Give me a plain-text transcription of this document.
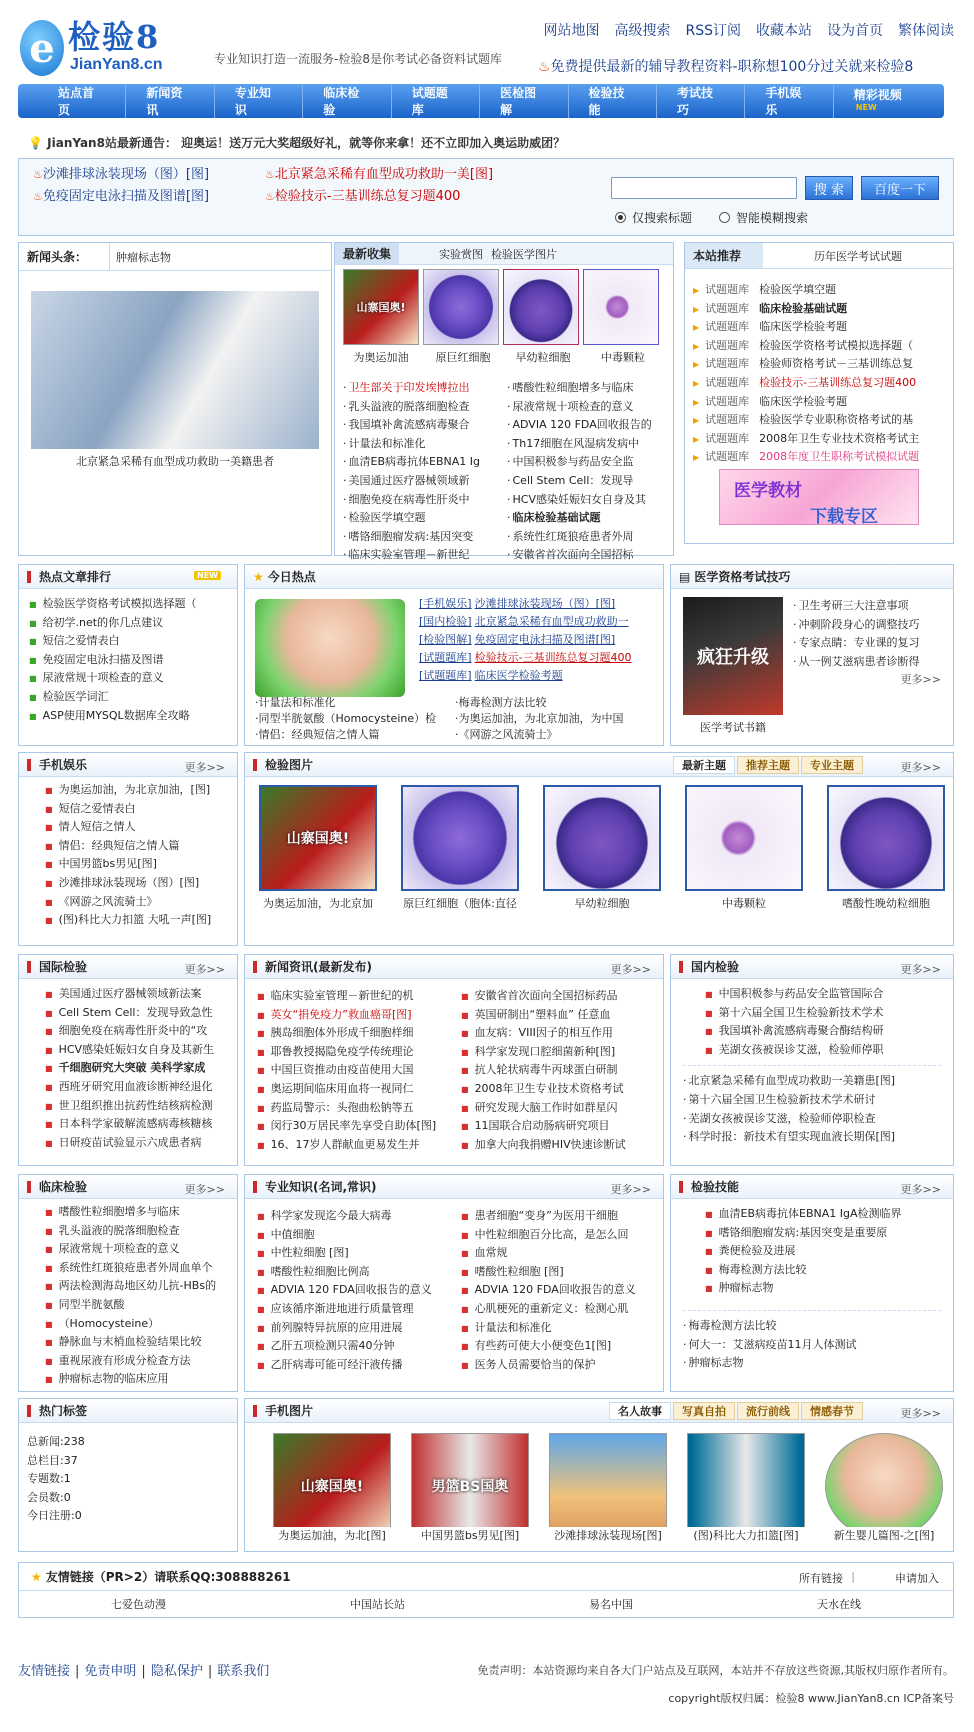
e 检验8
JianYan8.cn	专业知识打造一流服务-检验8是你考试必备资料试题库
网站地图 高级搜索 RSS订阅 收藏本站 设为首页 繁体阅读
♨免费提供最新的辅导教程资料-职称想100分过关就来检验8
站点首页
新闻资讯
专业知识
临床检验
试题题库
医检图解
检验技能
考试技巧
手机娱乐
精彩视频$^{NEW}$
💡 JianYan8站最新通告： 迎奥运！送万元大奖超级好礼，就等你来拿！还不立即加入奥运助威团？
♨沙滩排球泳装现场（图）[图]	♨北京紧急采稀有血型成功救助一美[图]
♨免疫固定电泳扫描及图谱[图]	♨检验技示-三基训练总复习题400	搜 索	百度一下
仅搜索标题	智能模糊搜索
新闻头条：	肿瘤标志物
北京紧急采稀有血型成功救助一美籍患者
最新收集	实验赏图 检验医学图片
山寨国奥!
为奥运加油	原巨红细胞	早幼粒细胞	中毒颗粒
· 卫生部关于印发埃博拉出
· 乳头溢液的脱落细胞检查
· 我国填补禽流感病毒聚合
· 计量法和标准化
· 血清EB病毒抗体EBNA1 Ig
· 美国通过医疗器械领域新
· 细胞免疫在病毒性肝炎中
· 检验医学填空题
· 嗜铬细胞瘤发病:基因突变
· 临床实验室管理－新世纪
· 嗜酸性粒细胞增多与临床
· 尿液常规十项检查的意义
· ADVIA 120 FDA回收报告的
· Th17细胞在风湿病发病中
· 中国积极参与药品安全监
· Cell Stem Cell：发现导
· HCV感染妊娠妇女自身及其
· 临床检验基础试题
· 系统性红斑狼疮患者外周
· 安徽省首次面向全国招标
本站推荐	历年医学考试试题
▶ 试题题库 检验医学填空题
▶ 试题题库 临床检验基础试题
▶ 试题题库 临床医学检验考题
▶ 试题题库 检验医学资格考试模拟选择题（
▶ 试题题库 检验师资格考试－三基训练总复
▶ 试题题库 检验技示-三基训练总复习题400
▶ 试题题库 临床医学检验考题
▶ 试题题库 检验医学专业职称资格考试的基
▶ 试题题库 2008年卫生专业技术资格考试主
▶ 试题题库 2008年度卫生职称考试模拟试题
医学教材
下载专区
热点文章排行	NEW
■ 检验医学资格考试模拟选择题（
■ 给初学.net的你几点建议
■ 短信之爱情表白
■ 免疫固定电泳扫描及图谱
■ 尿液常规十项检查的意义
■ 检验医学词汇
■ ASP使用MYSQL数据库全攻略
★ 今日热点
[手机娱乐] 沙滩排球泳装现场（图）[图]
[国内检验] 北京紧急采稀有血型成功救助一
[检验图解] 免疫固定电泳扫描及图谱[图]
[试题题库] 检验技示-三基训练总复习题400
[试题题库] 临床医学检验考题
· 计量法和标准化	· 梅毒检测方法比较
· 同型半胱氨酸（Homocysteine）检	· 为奥运加油，为北京加油，为中国
· 情侣：经典短信之情人篇	· 《网游之风流骑士》
▤ 医学资格考试技巧
疯狂升级
医学考试书籍
· 卫生考研三大注意事项
· 冲刺阶段身心的调整技巧
· 专家点睛：专业课的复习
· 从一例艾滋病患者诊断得
更多>>
手机娱乐	更多>>
■ 为奥运加油，为北京加油，[图]
■ 短信之爱情表白
■ 情人短信之情人
■ 情侣：经典短信之情人篇
■ 中国男篮bs男见[图]
■ 沙滩排球泳装现场（图）[图]
■ 《网游之风流骑士》
■ (图)科比大力扣篮 大吼一声[图]
检验图片	最新主题 推荐主题 专业主题	更多>>
山寨国奥!
为奥运加油，为北京加	原巨红细胞（胞体:直径	早幼粒细胞	中毒颗粒	嗜酸性晚幼粒细胞
国际检验	更多>>
■ 美国通过医疗器械领域新法案
■ Cell Stem Cell：发现导致急性
■ 细胞免疫在病毒性肝炎中的“攻
■ HCV感染妊娠妇女自身及其新生
■ 千细胞研究大突破 美科学家成
■ 西班牙研究用血液诊断神经退化
■ 世卫组织推出抗药性结核病检测
■ 日本科学家破解流感病毒核糖核
■ 日研疫苗试验显示六成患者病
新闻资讯(最新发布)	更多>>
■ 临床实验室管理－新世纪的机
■ 英女“捐免疫力”救血癌哥[图]
■ 胰岛细胞体外形成千细胞样细
■ 耶鲁教授揭隐免疫学传统理论
■ 中国巨资推动由疫苗使用大国
■ 奥运期间临床用血将一视同仁
■ 药监局警示：头孢曲松钠等五
■ 闵行30万居民率先享受自助体[图]
■ 16、17岁人群献血更易发生并
■ 安徽省首次面向全国招标药品
■ 英国研制出“塑料血” 任意血
■ 血友病：VIII因子的相互作用
■ 科学家发现口腔细菌新种[图]
■ 抗人轮状病毒牛丙球蛋白研制
■ 2008年卫生专业技术资格考试
■ 研究发现大脑工作时如群星闪
■ 11国联合启动肠病研究项目
■ 加拿大向我捐赠HIV快速诊断试
国内检验	更多>>
■ 中国积极参与药品安全监管国际合
■ 第十六届全国卫生检验新技术学术
■ 我国填补禽流感病毒聚合酶结构研
■ 芜湖女孩被误诊艾滋，检验师停职
· 北京紧急采稀有血型成功救助一美籍患[图]
· 第十六届全国卫生检验新技术学术研讨
· 芜湖女孩被误诊艾滋，检验师停职检查
· 科学时报：新技术有望实现血液长期保[图]
临床检验	更多>>
■ 嗜酸性粒细胞增多与临床
■ 乳头溢液的脱落细胞检查
■ 尿液常规十项检查的意义
■ 系统性红斑狼疮患者外周血单个
■ 两法检测海岛地区幼儿抗-HBs的
■ 同型半胱氨酸
■ （Homocysteine）
■ 静脉血与末梢血检验结果比较
■ 重视尿液有形成分检查方法
■ 肿瘤标志物的临床应用
专业知识(名词,常识)	更多>>
■ 科学家发现迄今最大病毒
■ 中值细胞
■ 中性粒细胞 [图]
■ 嗜酸性粒细胞比例高
■ ADVIA 120 FDA回收报告的意义
■ 应该循序渐进地进行质量管理
■ 前列腺特异抗原的应用进展
■ 乙肝五项检测只需40分钟
■ 乙肝病毒可能可经汗液传播
■ 患者细胞“变身”为医用干细胞
■ 中性粒细胞百分比高，是怎么回
■ 血常规
■ 嗜酸性粒细胞 [图]
■ ADVIA 120 FDA回收报告的意义
■ 心肌梗死的重新定义：检测心肌
■ 计量法和标准化
■ 有些药可使大小便变色1[图]
■ 医务人员需要恰当的保护
检验技能	更多>>
■ 血清EB病毒抗体EBNA1 IgA检测临界
■ 嗜铬细胞瘤发病:基因突变是重要原
■ 粪便检验及进展
■ 梅毒检测方法比较
■ 肿瘤标志物
· 梅毒检测方法比较
· 何大一：艾滋病疫苗11月人体测试
· 肿瘤标志物
热门标签
总新闻:238
总栏目:37
专题数:1
会员数:0
今日注册:0
手机图片	名人故事 写真自拍 流行前线 情感春节	更多>>
山寨国奥!	男篮BS国奥
为奥运加油，为北[图]	中国男篮bs男见[图]	沙滩排球泳装现场[图]	(图)科比大力扣篮[图]	新生婴儿篇图-之[图]
★ 友情链接（PR>2）请联系QQ:308888261	所有链接 |	申请加入
七爱色动漫	中国站长站	易名中国	天水在线
友情链接 | 免责申明 | 隐私保护 | 联系我们	免责声明：本站资源均来自各大门户站点及互联网，本站并不存放这些资源,其版权归原作者所有。
copyright版权归属：检验8 www.JianYan8.cn ICP备案号
